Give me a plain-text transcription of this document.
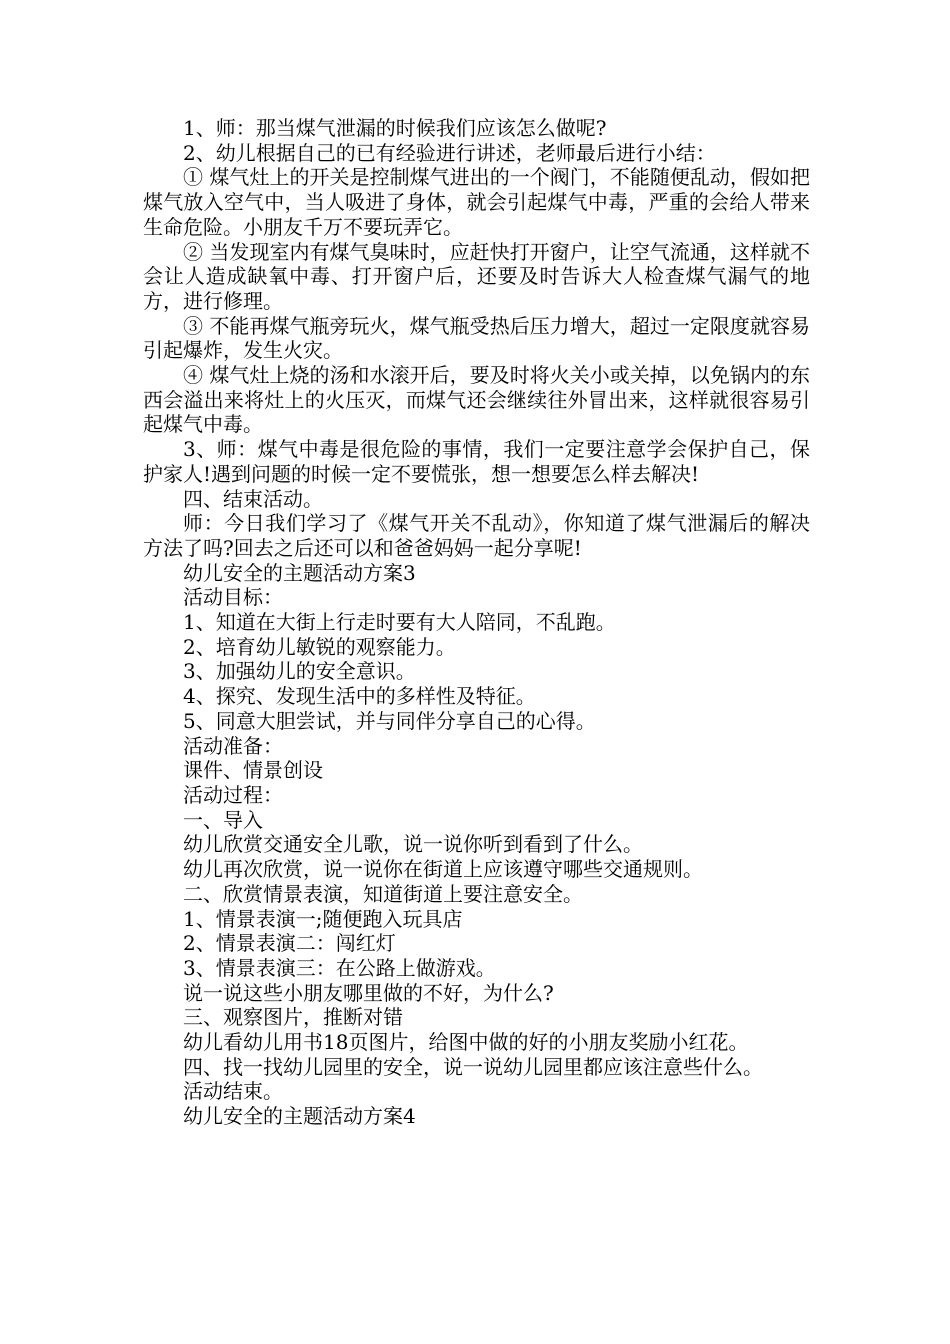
1、师：那当煤气泄漏的时候我们应该怎么做呢?

2、幼儿根据自己的已有经验进行讲述，老师最后进行小结：

① 煤气灶上的开关是控制煤气进出的一个阀门，不能随便乱动，假如把煤气放入空气中，当人吸进了身体，就会引起煤气中毒，严重的会给人带来生命危险。小朋友千万不要玩弄它。

② 当发现室内有煤气臭味时，应赶快打开窗户，让空气流通，这样就不会让人造成缺氧中毒、打开窗户后，还要及时告诉大人检查煤气漏气的地方，进行修理。

③ 不能再煤气瓶旁玩火，煤气瓶受热后压力增大，超过一定限度就容易引起爆炸，发生火灾。

④ 煤气灶上烧的汤和水滚开后，要及时将火关小或关掉，以免锅内的东西会溢出来将灶上的火压灭，而煤气还会继续往外冒出来，这样就很容易引起煤气中毒。

3、师：煤气中毒是很危险的事情，我们一定要注意学会保护自己，保护家人!遇到问题的时候一定不要慌张，想一想要怎么样去解决!

四、结束活动。

师：今日我们学习了《煤气开关不乱动》，你知道了煤气泄漏后的解决方法了吗?回去之后还可以和爸爸妈妈一起分享呢!

幼儿安全的主题活动方案3

活动目标：

1、知道在大街上行走时要有大人陪同，不乱跑。

2、培育幼儿敏锐的观察能力。

3、加强幼儿的安全意识。

4、探究、发现生活中的多样性及特征。

5、同意大胆尝试，并与同伴分享自己的心得。

活动准备：

课件、情景创设

活动过程：

一、导入

幼儿欣赏交通安全儿歌，说一说你听到看到了什么。

幼儿再次欣赏，说一说你在街道上应该遵守哪些交通规则。

二、欣赏情景表演，知道街道上要注意安全。

1、情景表演一;随便跑入玩具店

2、情景表演二：闯红灯

3、情景表演三：在公路上做游戏。

说一说这些小朋友哪里做的不好，为什么?

三、观察图片，推断对错

幼儿看幼儿用书18页图片，给图中做的好的小朋友奖励小红花。

四、找一找幼儿园里的安全，说一说幼儿园里都应该注意些什么。

活动结束。

幼儿安全的主题活动方案4
